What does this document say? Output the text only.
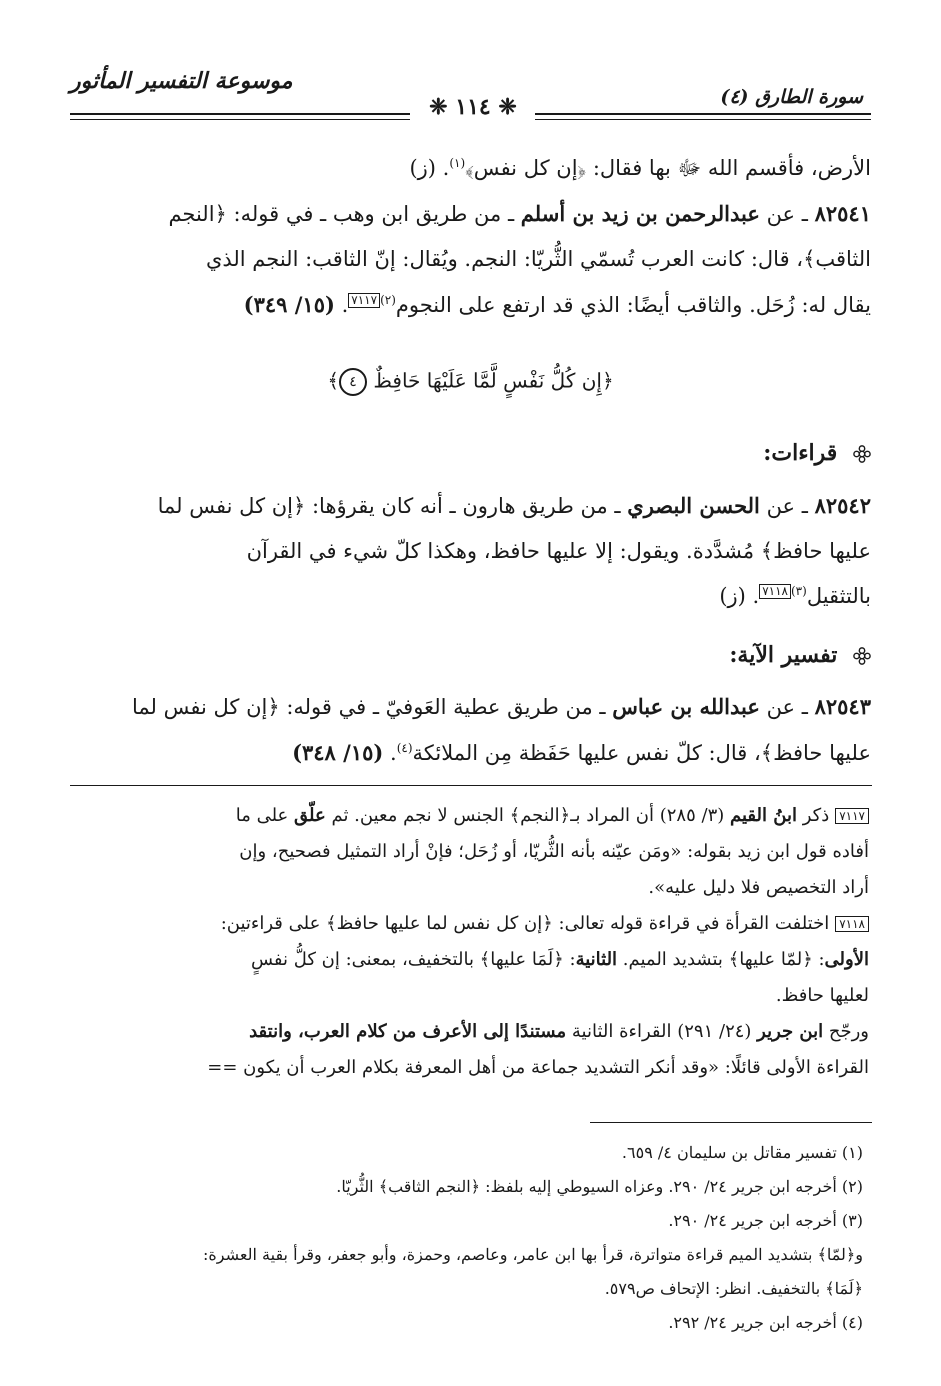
موسوعة التفسير المأثور
سورة الطارق (٤)
❈ ١١٤ ❈
الأرض، فأقسم الله ﷻ بها فقال: ﴿إن كل نفس﴾$^{(١)}$. (ز)
٨٢٥٤١ ـ عن عبدالرحمن بن زيد بن أسلم ـ من طريق ابن وهب ـ في قوله: ﴿النجم
الثاقب﴾، قال: كانت العرب تُسمّي الثُّريّا: النجم. ويُقال: إنّ الثاقب: النجم الذي
يقال له: زُحَل. والثاقب أيضًا: الذي قد ارتفع على النجوم$^{(٢)}$٧١١٧. (١٥/ ٣٤٩)
﴿إِن كُلُّ نَفْسٍ لَّمَّا عَلَيْهَا حَافِظٌ ٤﴾
قراءات:
٨٢٥٤٢ ـ عن الحسن البصري ـ من طريق هارون ـ أنه كان يقرؤها: ﴿إن كل نفس لما
عليها حافظ﴾ مُشدَّدة. ويقول: إلا عليها حافظ، وهكذا كلّ شيء في القرآن
بالتثقيل$^{(٣)}$٧١١٨. (ز)
تفسير الآية:
٨٢٥٤٣ ـ عن عبدالله بن عباس ـ من طريق عطية العَوفيّ ـ في قوله: ﴿إن كل نفس لما
عليها حافظ﴾، قال: كلّ نفس عليها حَفَظة مِن الملائكة$^{(٤)}$. (١٥/ ٣٤٨)
٧١١٧ذكر ابنُ القيم (٣/ ٢٨٥) أن المراد بـ﴿النجم﴾ الجنس لا نجم معين. ثم علّق على ما
أفاده قول ابن زيد بقوله: «ومَن عيّنه بأنه الثُّريّا، أو زُحَل؛ فإنْ أراد التمثيل فصحيح، وإن
أراد التخصيص فلا دليل عليه».
٧١١٨اختلفت القرأة في قراءة قوله تعالى: ﴿إن كل نفس لما عليها حافظ﴾ على قراءتين:
الأولى: ﴿لمّا عليها﴾ بتشديد الميم. الثانية: ﴿لَمَا عليها﴾ بالتخفيف، بمعنى: إن كلُّ نفسٍ
لعليها حافظ.
ورجّح ابن جرير (٢٤/ ٢٩١) القراءة الثانية مستندًا إلى الأعرف من كلام العرب، وانتقد
القراءة الأولى قائلًا: «وقد أنكر التشديد جماعة من أهل المعرفة بكلام العرب أن يكون ==
(١) تفسير مقاتل بن سليمان ٤/ ٦٥٩.
(٢) أخرجه ابن جرير ٢٤/ ٢٩٠. وعزاه السيوطي إليه بلفظ: ﴿النجم الثاقب﴾ الثُّريّا.
(٣) أخرجه ابن جرير ٢٤/ ٢٩٠.
و﴿لمّا﴾ بتشديد الميم قراءة متواترة، قرأ بها ابن عامر، وعاصم، وحمزة، وأبو جعفر، وقرأ بقية العشرة:
﴿لَمَا﴾ بالتخفيف. انظر: الإتحاف ص٥٧٩.
(٤) أخرجه ابن جرير ٢٤/ ٢٩٢.
